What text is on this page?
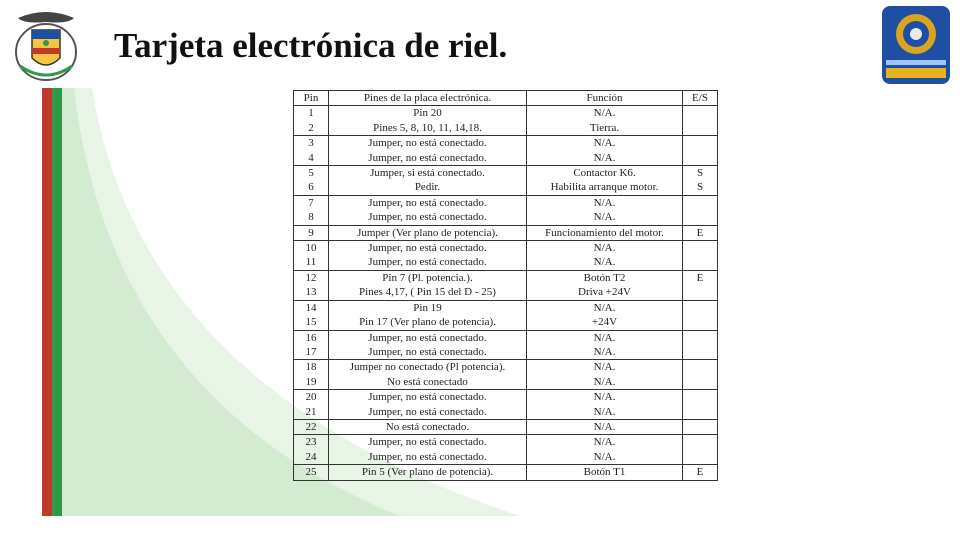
Tarjeta electrónica de riel.
Pin	Pines de la placa electrónica.	Función	E/S
1	Pin 20	N/A.	
2	Pines 5, 8, 10, 11, 14,18.	Tierra.	
3	Jumper, no está conectado.	N/A.	
4	Jumper, no está conectado.	N/A.	
5	Jumper, si está conectado.	Contactor K6.	S
6	Pedir.	Habilita arranque motor.	S
7	Jumper, no está conectado.	N/A.	
8	Jumper, no está conectado.	N/A.	
9	Jumper (Ver plano de potencia).	Funcionamiento del motor.	E
10	Jumper, no está conectado.	N/A.	
11	Jumper, no está conectado.	N/A.	
12	Pin 7 (Pl. potencia.).	Botón T2	E
13	Pines 4,17, ( Pin 15 del D - 25)	Driva +24V	
14	Pin 19	N/A.	
15	Pin 17 (Ver plano de potencia).	+24V	
16	Jumper, no está conectado.	N/A.	
17	Jumper, no está conectado.	N/A.	
18	Jumper no conectado (Pl potencia).	N/A.	
19	No está conectado	N/A.	
20	Jumper, no está conectado.	N/A.	
21	Jumper, no está conectado.	N/A.	
22	No está conectado.	N/A.	
23	Jumper, no está conectado.	N/A.	
24	Jumper, no está conectado.	N/A.	
25	Pin 5 (Ver plano de potencia).	Botón T1	E
